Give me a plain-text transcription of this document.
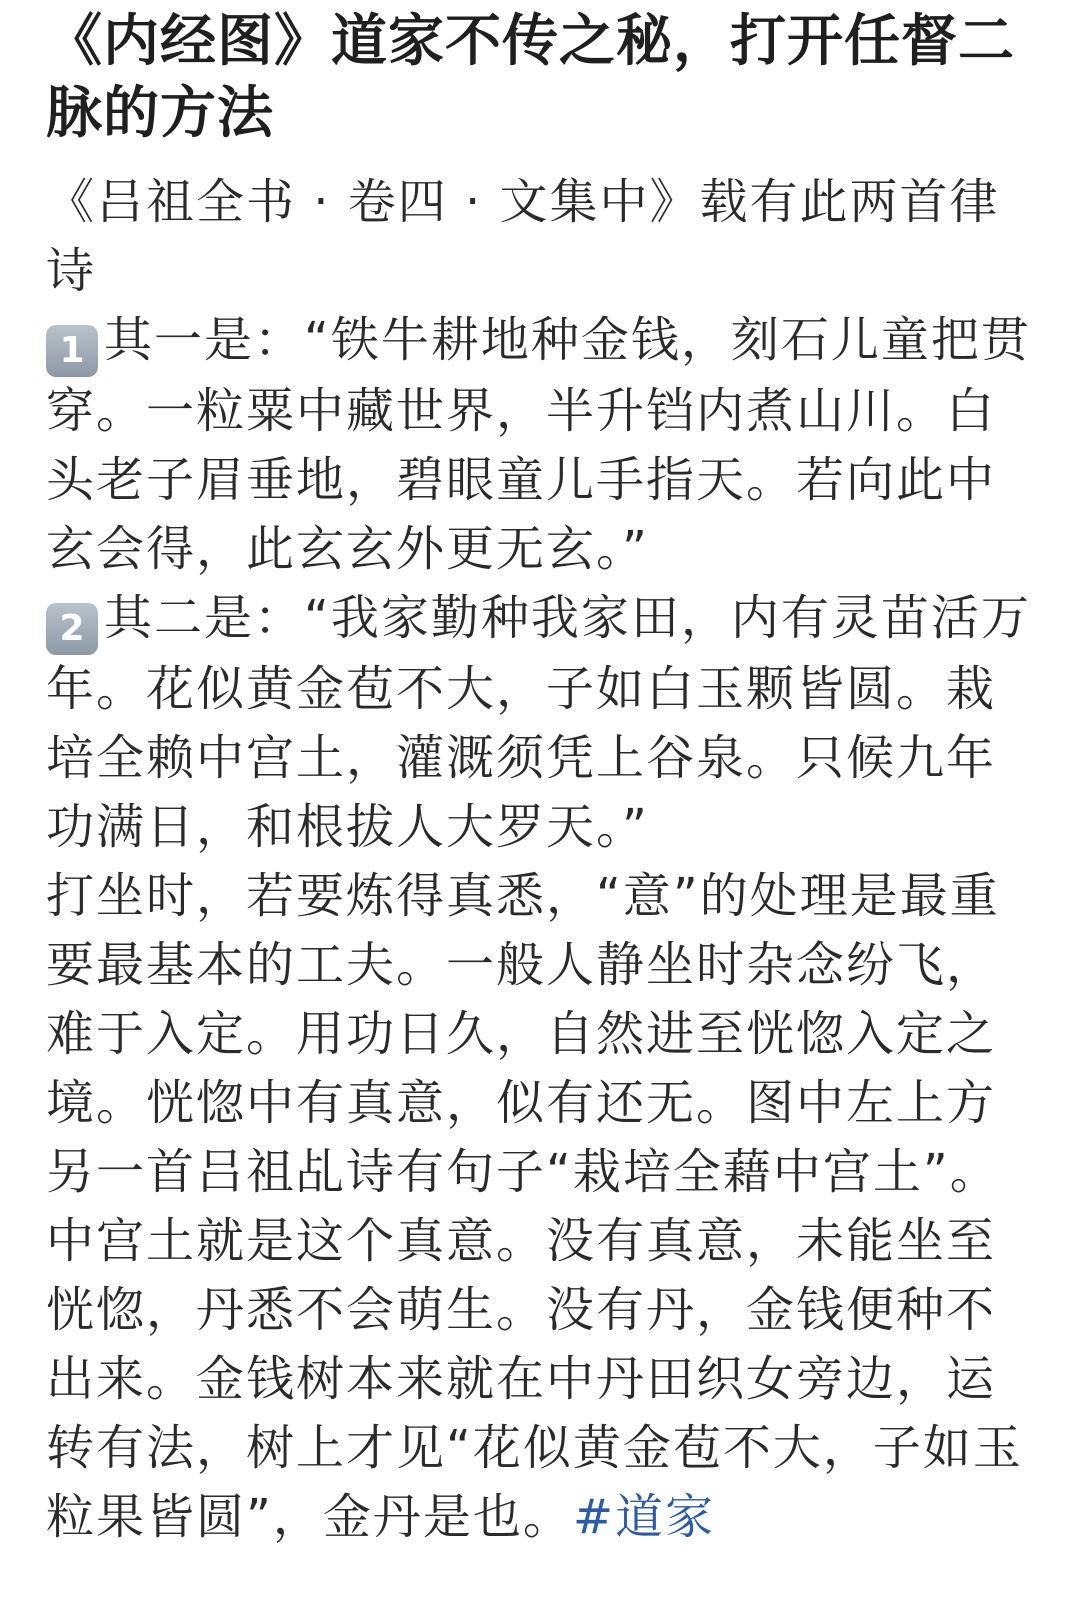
《内经图》道家不传之秘，打开任督二脉的方法

《吕祖全书 · 卷四 · 文集中》载有此两首律诗

1 其一是：“铁牛耕地种金钱，刻石儿童把贯穿。一粒粟中藏世界，半升铛内煮山川。白头老子眉垂地，碧眼童儿手指天。若向此中玄会得，此玄玄外更无玄。”

2 其二是：“我家勤种我家田，内有灵苗活万年。花似黄金苞不大，子如白玉颗皆圆。栽培全赖中宫土，灌溉须凭上谷泉。只候九年功满日，和根拔人大罗天。”

打坐时，若要炼得真悉，“意”的处理是最重要最基本的工夫。一般人静坐时杂念纷飞，难于入定。用功日久，自然进至恍惚入定之境。恍惚中有真意，似有还无。图中左上方另一首吕祖乩诗有句子“栽培全藉中宫土”。中宫土就是这个真意。没有真意，未能坐至恍惚，丹悉不会萌生。没有丹，金钱便种不出来。金钱树本来就在中丹田织女旁边，运转有法，树上才见“花似黄金苞不大，子如玉粒果皆圆”，金丹是也。#道家
